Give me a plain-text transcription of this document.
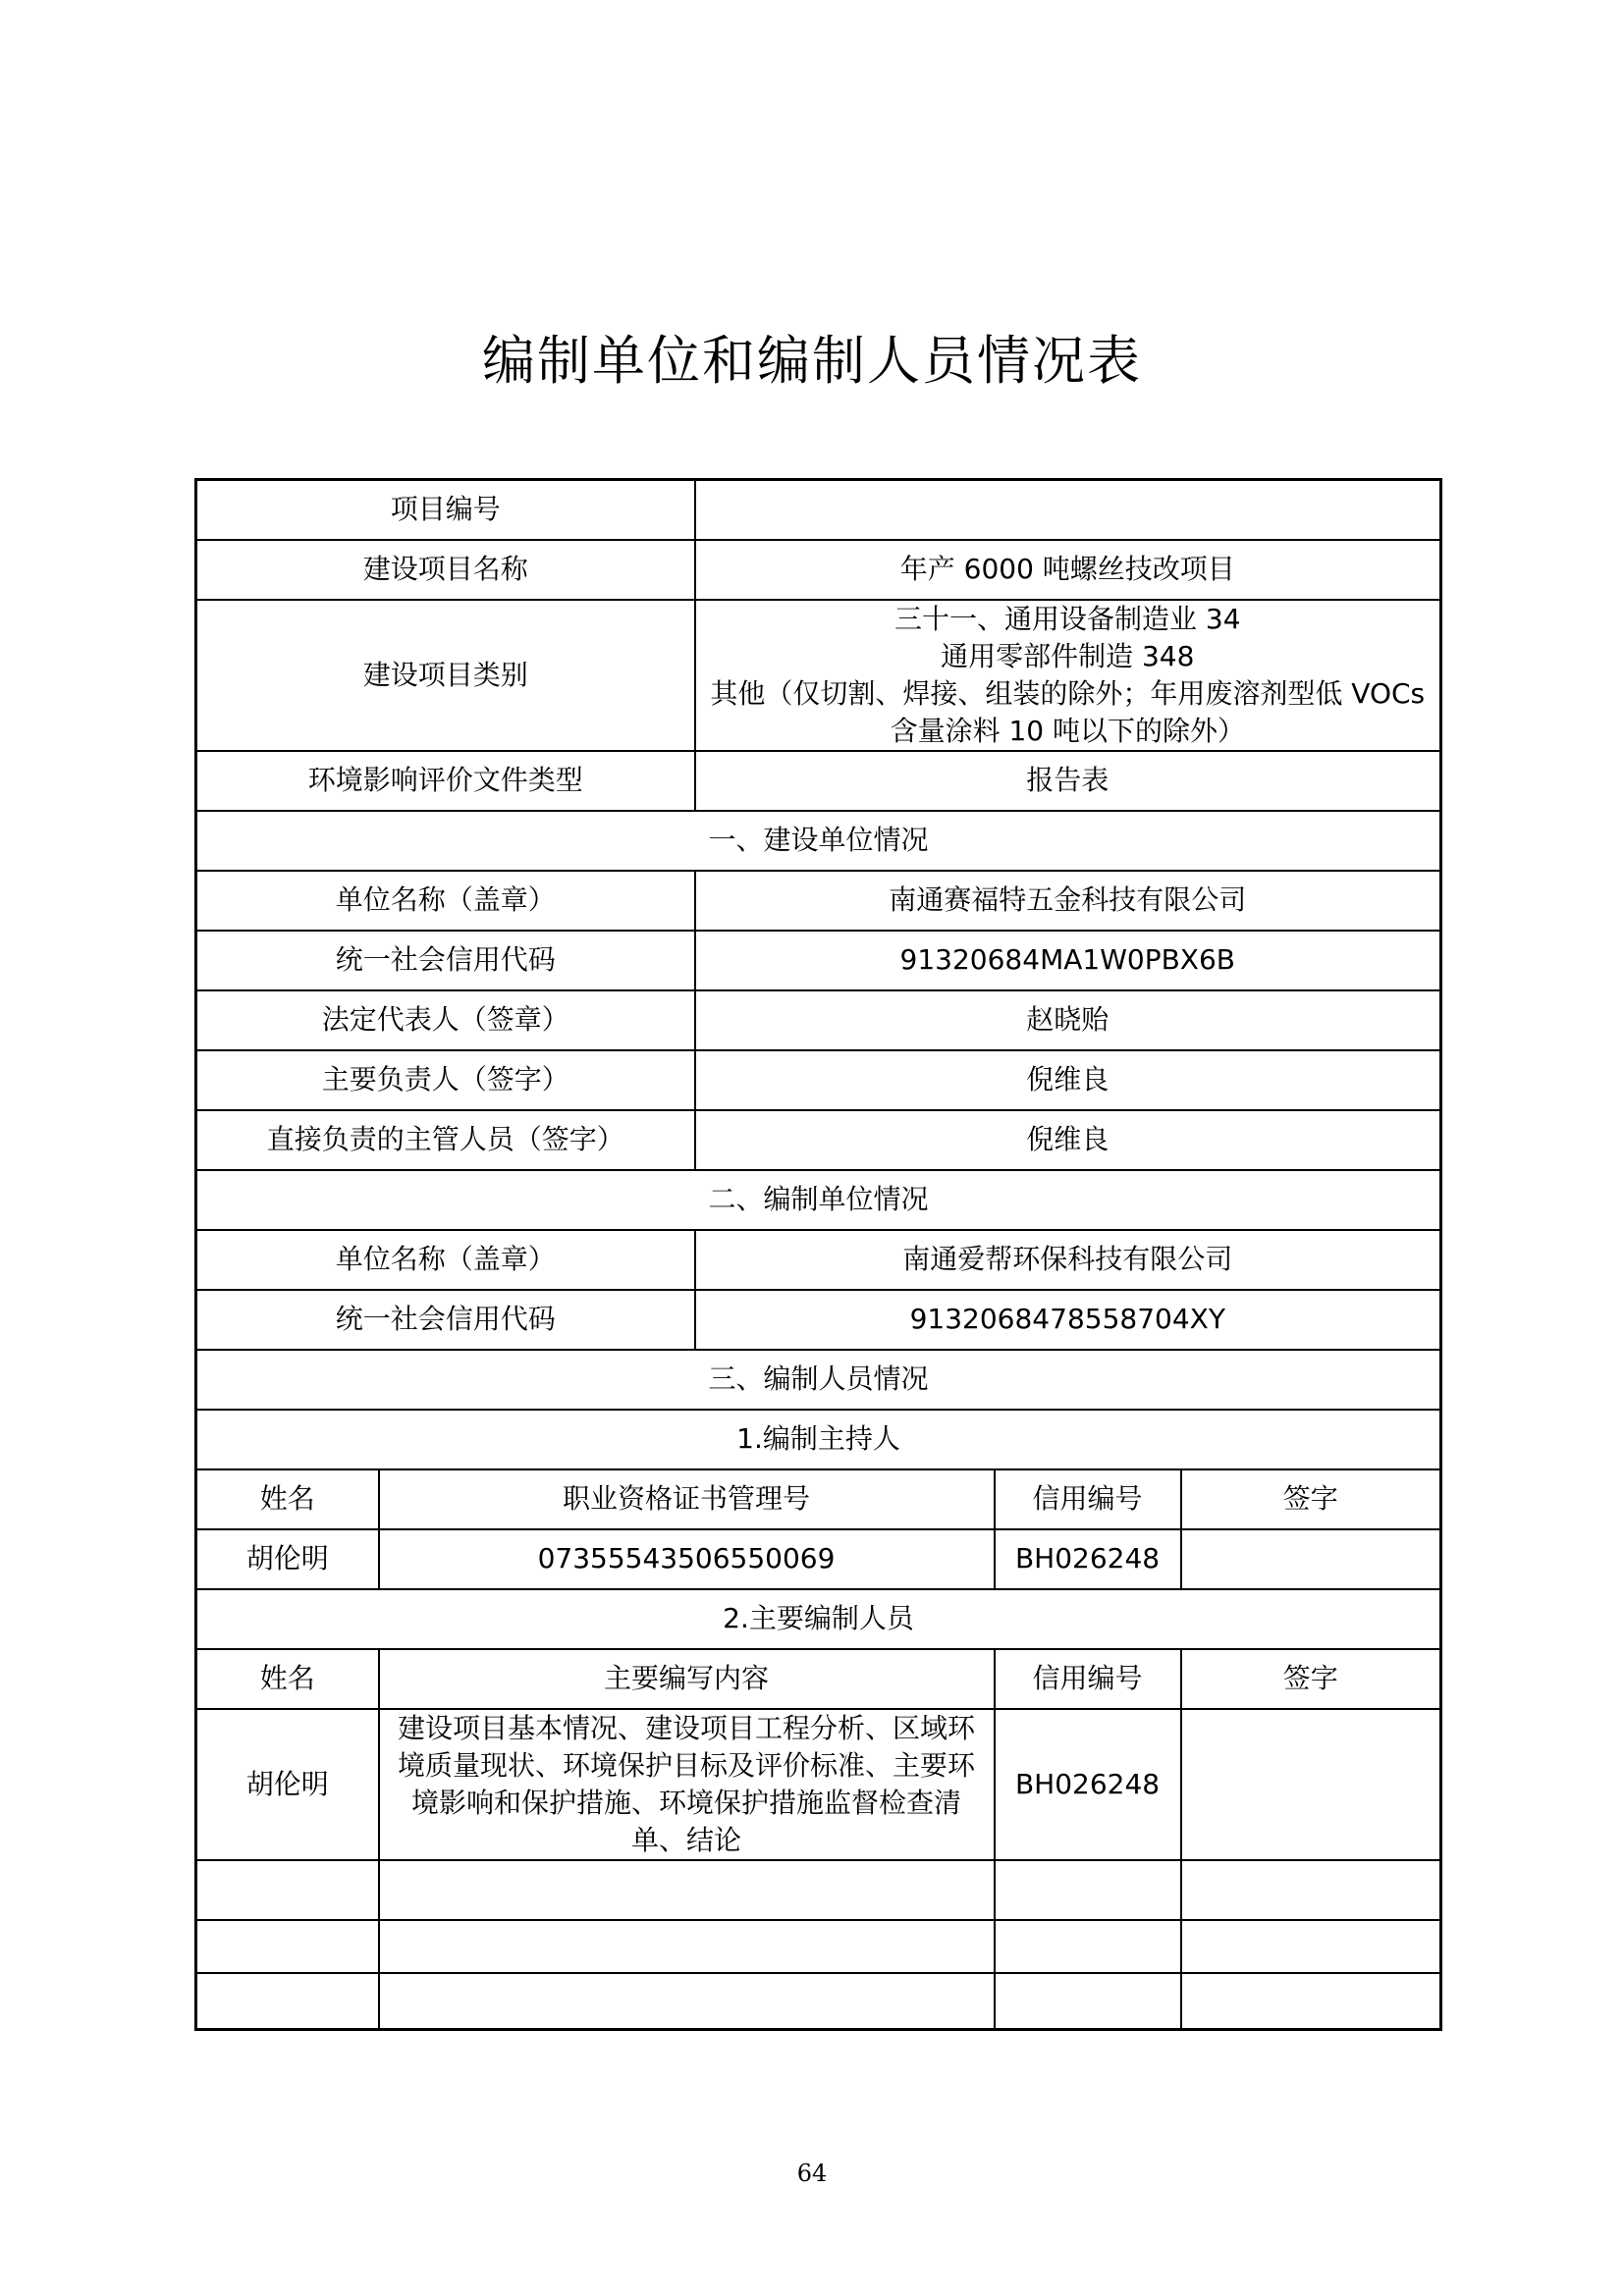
编制单位和编制人员情况表
项目编号				
建设项目名称		年产 6000 吨螺丝技改项目		
建设项目类别		三十一、通用设备制造业 34
通用零部件制造 348
其他（仅切割、焊接、组装的除外；年用废溶剂型低 VOCs
含量涂料 10 吨以下的除外）		

环境影响评价文件类型		报告表		
一、建设单位情况				
单位名称（盖章）		南通赛福特五金科技有限公司		
统一社会信用代码		91320684MA1W0PBX6B		
法定代表人（签章）		赵晓贻		
主要负责人（签字）		倪维良		
直接负责的主管人员（签字）		倪维良		
二、编制单位情况				
单位名称（盖章）		南通爱帮环保科技有限公司		
统一社会信用代码		9132068478558704XY		
三、编制人员情况				
1.编制主持人				
姓名	职业资格证书管理号		信用编号	签字
胡伦明	07355543506550069		BH026248	
2.主要编制人员				
姓名	主要编写内容		信用编号	签字
胡伦明	建设项目基本情况、建设项目工程分析、区域环境质量现状、环境保护目标及评价标准、主要环境影响和保护措施、环境保护措施监督检查清单、结论		BH026248	

64
